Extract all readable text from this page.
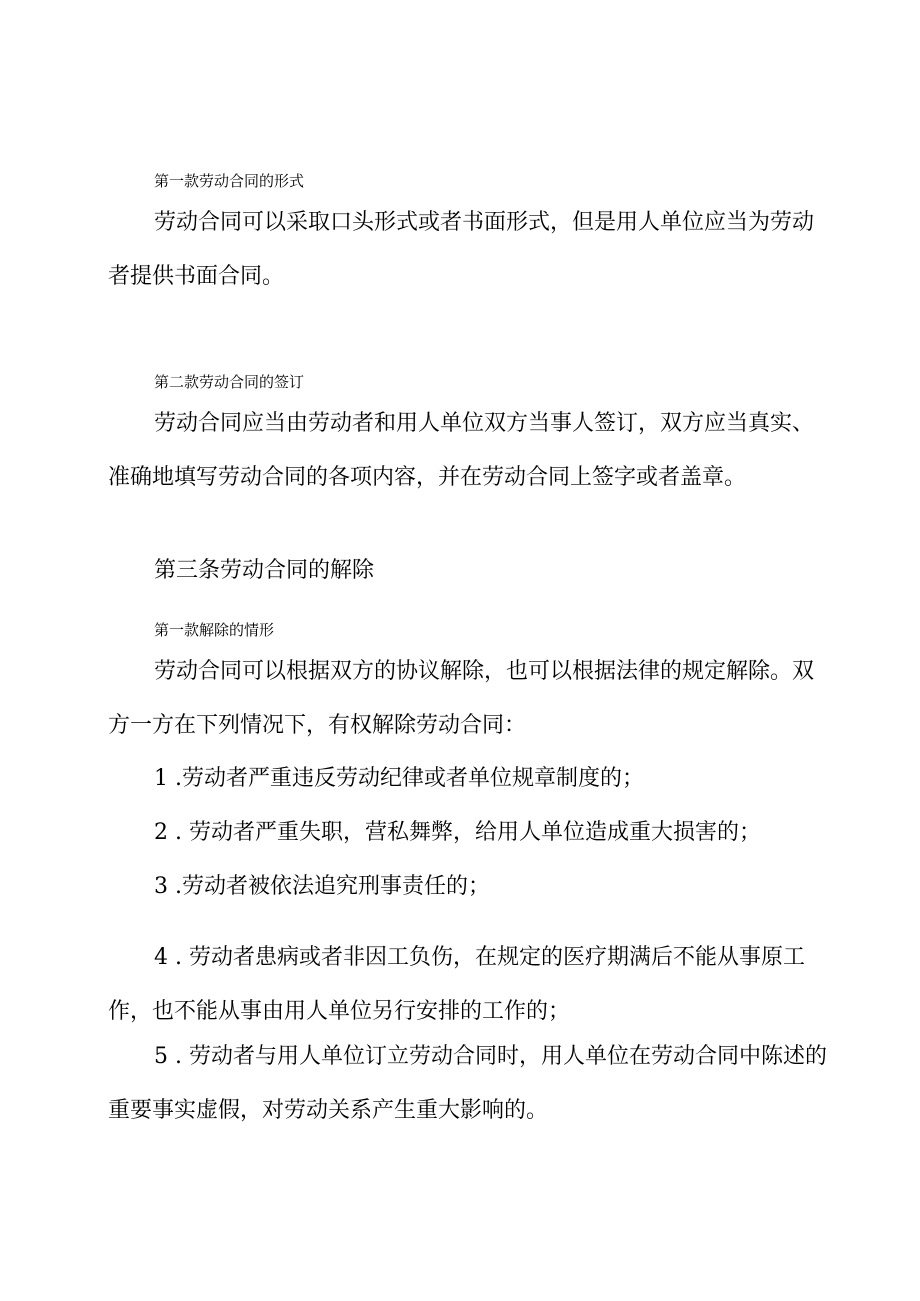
第一款劳动合同的形式
劳动合同可以采取口头形式或者书面形式，但是用人单位应当为劳动者提供书面合同。
第二款劳动合同的签订
劳动合同应当由劳动者和用人单位双方当事人签订，双方应当真实、准确地填写劳动合同的各项内容，并在劳动合同上签字或者盖章。
第三条劳动合同的解除
第一款解除的情形
劳动合同可以根据双方的协议解除，也可以根据法律的规定解除。双方一方在下列情况下，有权解除劳动合同：
1 .劳动者严重违反劳动纪律或者单位规章制度的；
2 . 劳动者严重失职，营私舞弊，给用人单位造成重大损害的；
3 .劳动者被依法追究刑事责任的；
4 . 劳动者患病或者非因工负伤，在规定的医疗期满后不能从事原工作，也不能从事由用人单位另行安排的工作的；
5 . 劳动者与用人单位订立劳动合同时，用人单位在劳动合同中陈述的重要事实虚假，对劳动关系产生重大影响的。
